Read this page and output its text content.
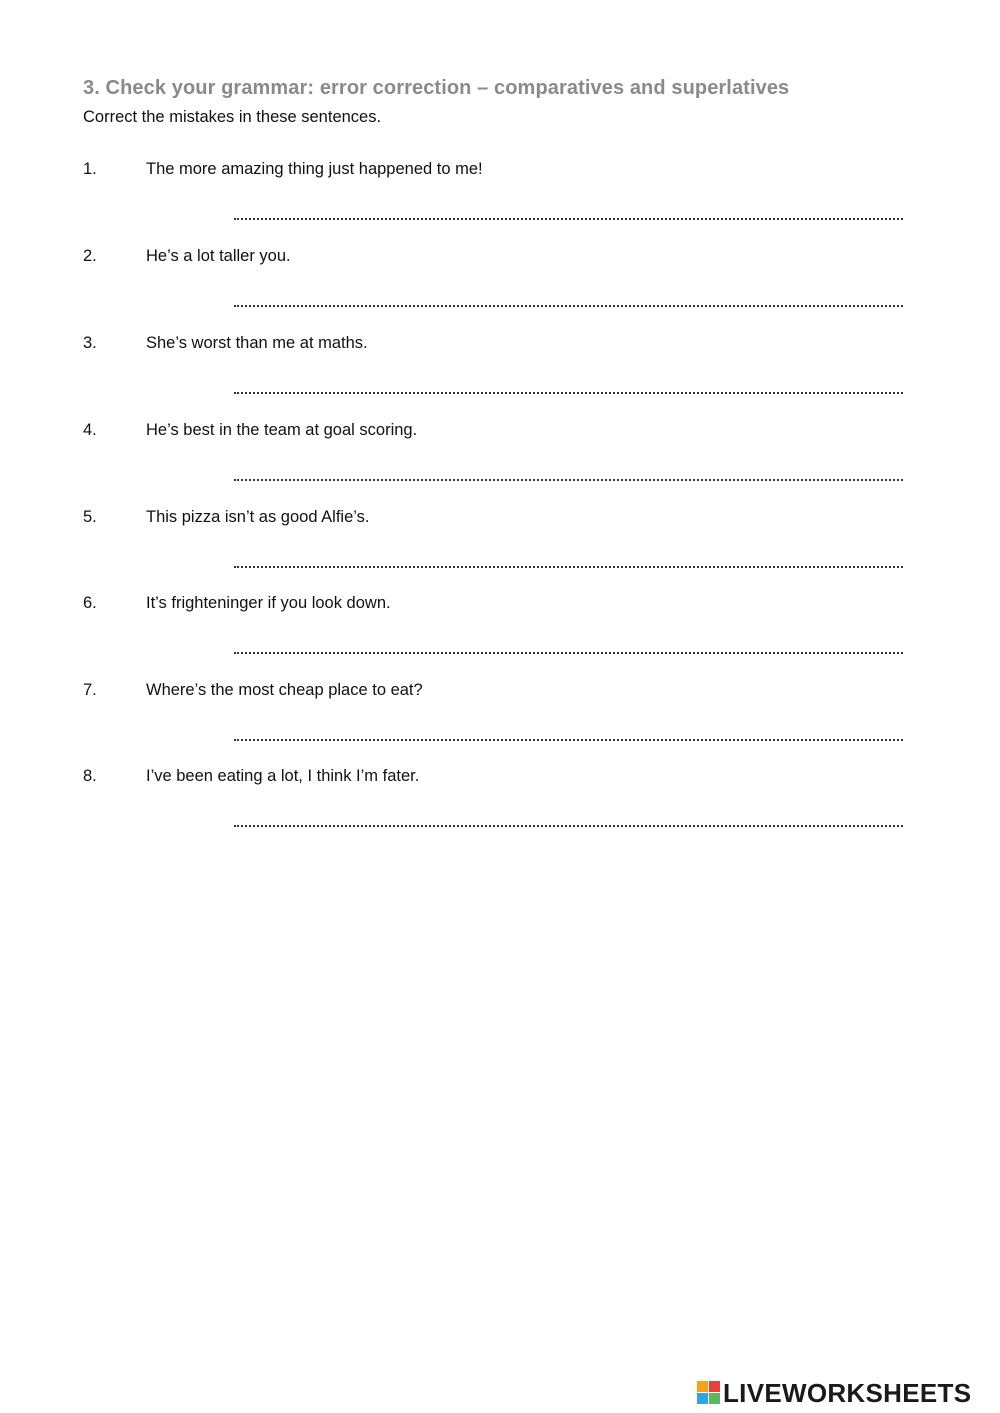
3. Check your grammar: error correction – comparatives and superlatives
Correct the mistakes in these sentences.
1.	The more amazing thing just happened to me!
2.	He’s a lot taller you.
3.	She’s worst than me at maths.
4.	He’s best in the team at goal scoring.
5.	This pizza isn’t as good Alfie’s.
6.	It’s frighteninger if you look down.
7.	Where’s the most cheap place to eat?
8.	I’ve been eating a lot, I think I’m fater.
LIVEWORKSHEETS
